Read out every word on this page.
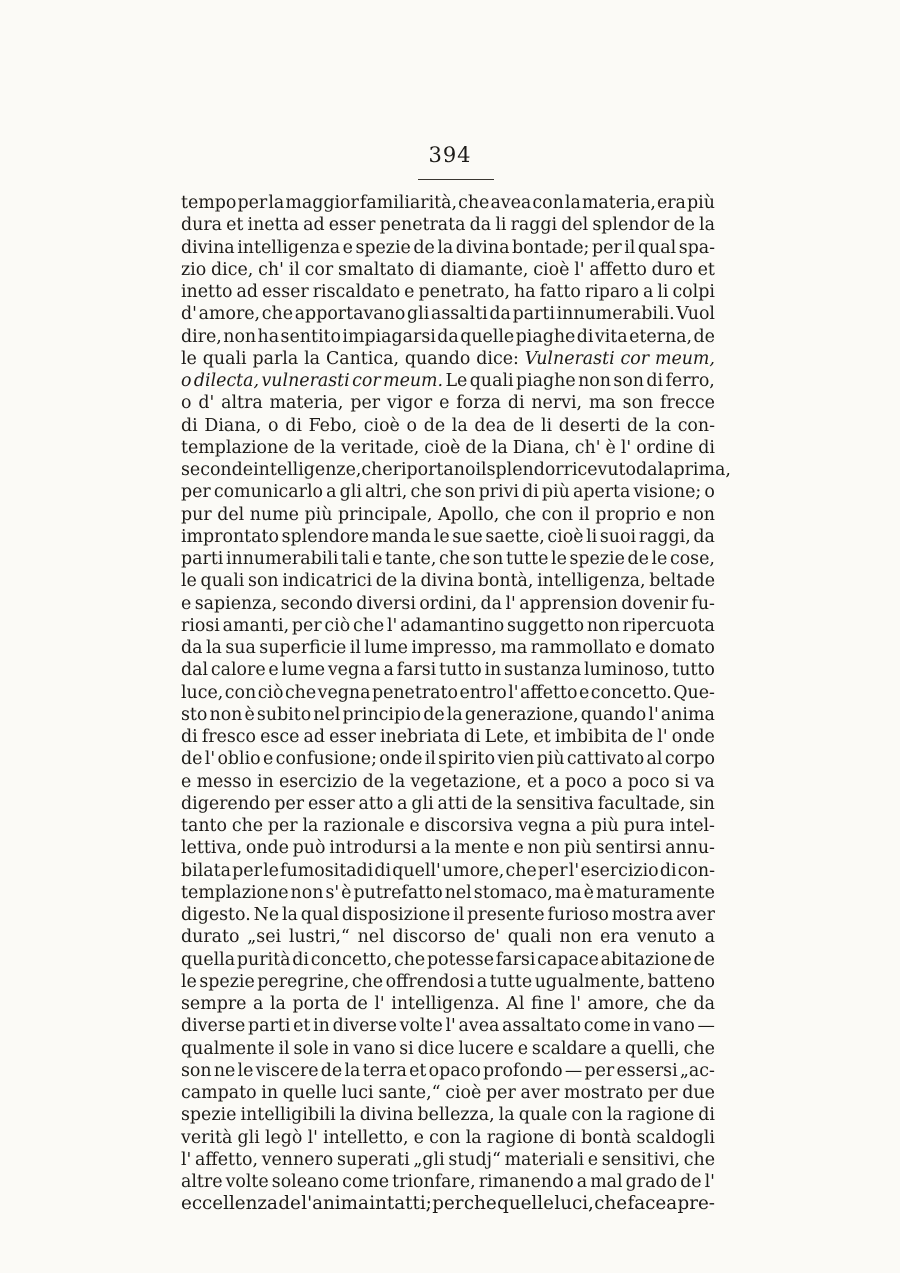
394
tempo per la maggior familiarità, che avea con la materia, era più
dura et inetta ad esser penetrata da li raggi del splendor de la
divina intelligenza e spezie de la divina bontade; per il qual spa-
zio dice, ch' il cor smaltato di diamante, cioè l' affetto duro et
inetto ad esser riscaldato e penetrato, ha fatto riparo a li colpi
d' amore, che apportavano gli assalti da parti innumerabili. Vuol
dire, non ha sentito impiagarsi da quelle piaghe di vita eterna, de
le quali parla la Cantica, quando dice: Vulnerasti cor meum,
o dilecta, vulnerasti cor meum. Le quali piaghe non son di ferro,
o d' altra materia, per vigor e forza di nervi, ma son frecce
di Diana, o di Febo, cioè o de la dea de li deserti de la con-
templazione de la veritade, cioè de la Diana, ch' è l' ordine di
seconde intelligenze, che riportano il splendor ricevuto da la prima,
per comunicarlo a gli altri, che son privi di più aperta visione; o
pur del nume più principale, Apollo, che con il proprio e non
improntato splendore manda le sue saette, cioè li suoi raggi, da
parti innumerabili tali e tante, che son tutte le spezie de le cose,
le quali son indicatrici de la divina bontà, intelligenza, beltade
e sapienza, secondo diversi ordini, da l' apprension dovenir fu-
riosi amanti, per ciò che l' adamantino suggetto non ripercuota
da la sua superficie il lume impresso, ma rammollato e domato
dal calore e lume vegna a farsi tutto in sustanza luminoso, tutto
luce, con ciò che vegna penetrato entro l' affetto e concetto. Que-
sto non è subito nel principio de la generazione, quando l' anima
di fresco esce ad esser inebriata di Lete, et imbibita de l' onde
de l' oblio e confusione; onde il spirito vien più cattivato al corpo
e messo in esercizio de la vegetazione, et a poco a poco si va
digerendo per esser atto a gli atti de la sensitiva facultade, sin
tanto che per la razionale e discorsiva vegna a più pura intel-
lettiva, onde può introdursi a la mente e non più sentirsi annu-
bilata per le fumositadi di quell' umore, che per l' esercizio di con-
templazione non s' è putrefatto nel stomaco, ma è maturamente
digesto. Ne la qual disposizione il presente furioso mostra aver
durato „sei lustri,“ nel discorso de' quali non era venuto a
quella purità di concetto, che potesse farsi capace abitazione de
le spezie peregrine, che offrendosi a tutte ugualmente, batteno
sempre a la porta de l' intelligenza. Al fine l' amore, che da
diverse parti et in diverse volte l' avea assaltato come in vano —
qualmente il sole in vano si dice lucere e scaldare a quelli, che
son ne le viscere de la terra et opaco profondo — per essersi „ac-
campato in quelle luci sante,“ cioè per aver mostrato per due
spezie intelligibili la divina bellezza, la quale con la ragione di
verità gli legò l' intelletto, e con la ragione di bontà scaldogli
l' affetto, vennero superati „gli studj“ materiali e sensitivi, che
altre volte soleano come trionfare, rimanendo a mal grado de l'
eccellenza de l'anima intatti; per che quelle luci, che facea pre-
